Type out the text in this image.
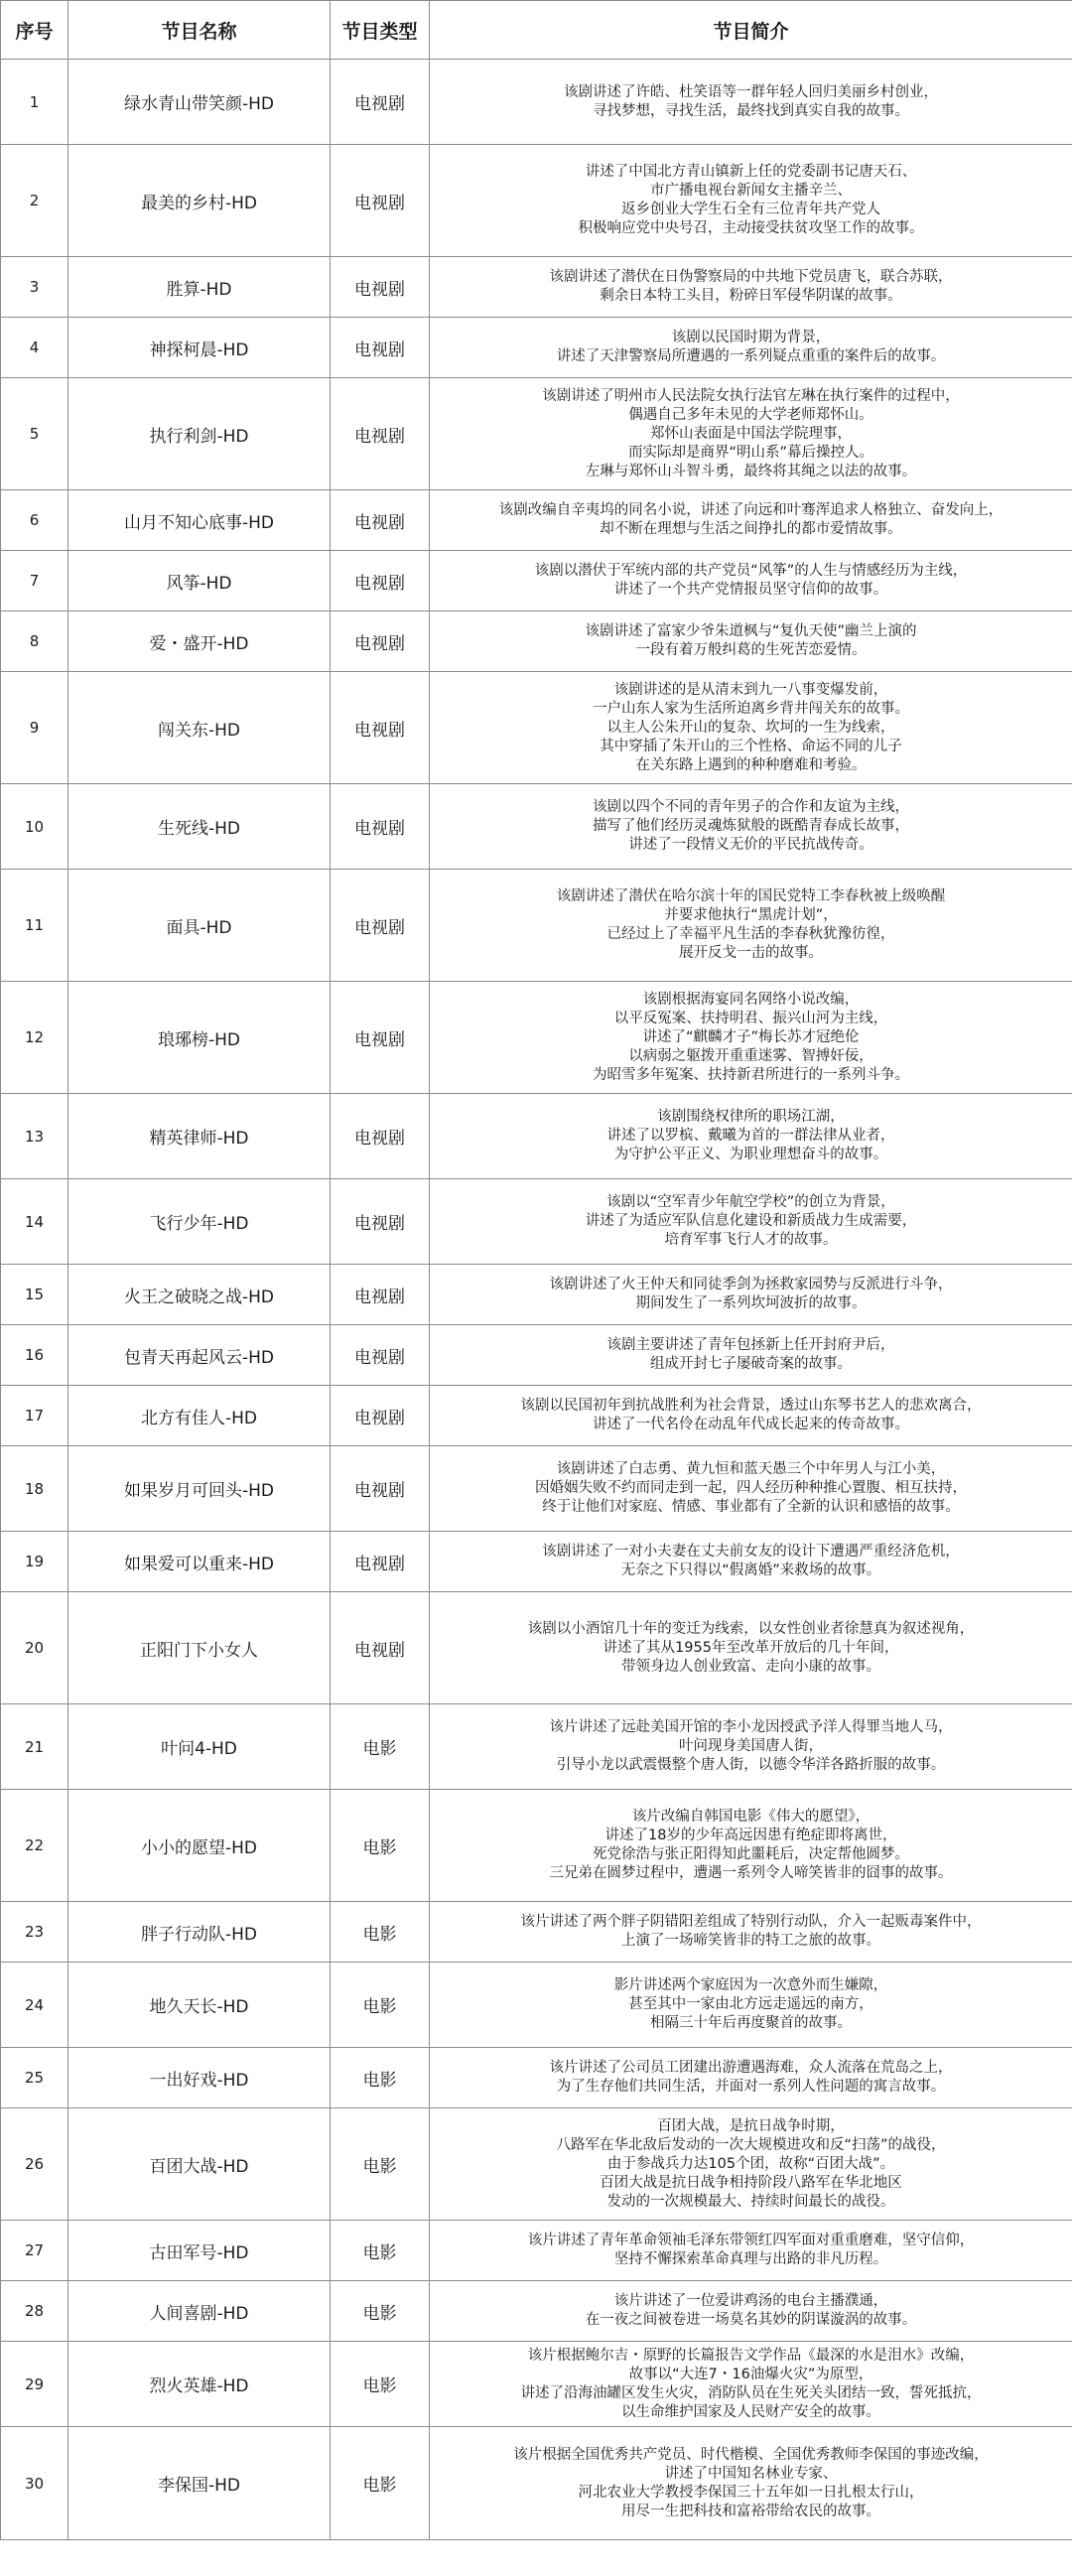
序号	节目名称	节目类型	节目简介
1	绿水青山带笑颜-HD	电视剧	该剧讲述了许皓、杜笑语等一群年轻人回归美丽乡村创业，
寻找梦想，寻找生活，最终找到真实自我的故事。
2	最美的乡村-HD	电视剧	讲述了中国北方青山镇新上任的党委副书记唐天石、
市广播电视台新闻女主播辛兰、
返乡创业大学生石全有三位青年共产党人
积极响应党中央号召，主动接受扶贫攻坚工作的故事。
3	胜算-HD	电视剧	该剧讲述了潜伏在日伪警察局的中共地下党员唐飞，联合苏联，
剩余日本特工头目，粉碎日军侵华阴谋的故事。
4	神探柯晨-HD	电视剧	该剧以民国时期为背景，
讲述了天津警察局所遭遇的一系列疑点重重的案件后的故事。
5	执行利剑-HD	电视剧	该剧讲述了明州市人民法院女执行法官左琳在执行案件的过程中，
偶遇自己多年未见的大学老师郑怀山。
郑怀山表面是中国法学院理事，
而实际却是商界“明山系”幕后操控人。
左琳与郑怀山斗智斗勇，最终将其绳之以法的故事。
6	山月不知心底事-HD	电视剧	该剧改编自辛夷坞的同名小说，讲述了向远和叶骞浑追求人格独立、奋发向上，
却不断在理想与生活之间挣扎的都市爱情故事。
7	风筝-HD	电视剧	该剧以潜伏于军统内部的共产党员“风筝”的人生与情感经历为主线，
讲述了一个共产党情报员坚守信仰的故事。
8	爱・盛开-HD	电视剧	该剧讲述了富家少爷朱道枫与“复仇天使”幽兰上演的
一段有着万般纠葛的生死苦恋爱情。
9	闯关东-HD	电视剧	该剧讲述的是从清末到九一八事变爆发前，
一户山东人家为生活所迫离乡背井闯关东的故事。
以主人公朱开山的复杂、坎坷的一生为线索，
其中穿插了朱开山的三个性格、命运不同的儿子
在关东路上遇到的种种磨难和考验。
10	生死线-HD	电视剧	该剧以四个不同的青年男子的合作和友谊为主线，
描写了他们经历灵魂炼狱般的既酷青春成长故事，
讲述了一段情义无价的平民抗战传奇。
11	面具-HD	电视剧	该剧讲述了潜伏在哈尔滨十年的国民党特工李春秋被上级唤醒
并要求他执行“黑虎计划”，
已经过上了幸福平凡生活的李春秋犹豫彷徨，
展开反戈一击的故事。
12	琅琊榜-HD	电视剧	该剧根据海宴同名网络小说改编，
以平反冤案、扶持明君、振兴山河为主线，
讲述了“麒麟才子”梅长苏才冠绝伦
以病弱之躯拨开重重迷雾、智搏奸佞，
为昭雪多年冤案、扶持新君所进行的一系列斗争。
13	精英律师-HD	电视剧	该剧围绕权律所的职场江湖，
讲述了以罗槟、戴曦为首的一群法律从业者，
为守护公平正义、为职业理想奋斗的故事。
14	飞行少年-HD	电视剧	该剧以“空军青少年航空学校”的创立为背景，
讲述了为适应军队信息化建设和新质战力生成需要，
培育军事飞行人才的故事。
15	火王之破晓之战-HD	电视剧	该剧讲述了火王仲天和同徒季剑为拯救家园势与反派进行斗争，
期间发生了一系列坎坷波折的故事。
16	包青天再起风云-HD	电视剧	该剧主要讲述了青年包拯新上任开封府尹后，
组成开封七子屡破奇案的故事。
17	北方有佳人-HD	电视剧	该剧以民国初年到抗战胜利为社会背景，透过山东琴书艺人的悲欢离合，
讲述了一代名伶在动乱年代成长起来的传奇故事。
18	如果岁月可回头-HD	电视剧	该剧讲述了白志勇、黄九恒和蓝天愚三个中年男人与江小美，
因婚姻失败不约而同走到一起，四人经历种种推心置腹、相互扶持，
终于让他们对家庭、情感、事业都有了全新的认识和感悟的故事。
19	如果爱可以重来-HD	电视剧	该剧讲述了一对小夫妻在丈夫前女友的设计下遭遇严重经济危机，
无奈之下只得以“假离婚”来救场的故事。
20	正阳门下小女人	电视剧	该剧以小酒馆几十年的变迁为线索，以女性创业者徐慧真为叙述视角，
讲述了其从1955年至改革开放后的几十年间，
带领身边人创业致富、走向小康的故事。
21	叶问4-HD	电影	该片讲述了远赴美国开馆的李小龙因授武予洋人得罪当地人马，
叶问现身美国唐人街，
引导小龙以武震慑整个唐人街，以德令华洋各路折服的故事。
22	小小的愿望-HD	电影	该片改编自韩国电影《伟大的愿望》，
讲述了18岁的少年高远因患有绝症即将离世，
死党徐浩与张正阳得知此噩耗后，决定帮他圆梦。
三兄弟在圆梦过程中，遭遇一系列令人啼笑皆非的囧事的故事。
23	胖子行动队-HD	电影	该片讲述了两个胖子阴错阳差组成了特别行动队，介入一起贩毒案件中，
上演了一场啼笑皆非的特工之旅的故事。
24	地久天长-HD	电影	影片讲述两个家庭因为一次意外而生嫌隙，
甚至其中一家由北方远走遥远的南方，
相隔三十年后再度聚首的故事。
25	一出好戏-HD	电影	该片讲述了公司员工团建出游遭遇海难，众人流落在荒岛之上，
为了生存他们共同生活，并面对一系列人性问题的寓言故事。
26	百团大战-HD	电影	百团大战，是抗日战争时期，
八路军在华北敌后发动的一次大规模进攻和反“扫荡”的战役，
由于参战兵力达105个团，故称“百团大战”。
百团大战是抗日战争相持阶段八路军在华北地区
发动的一次规模最大、持续时间最长的战役。
27	古田军号-HD	电影	该片讲述了青年革命领袖毛泽东带领红四军面对重重磨难，坚守信仰，
坚持不懈探索革命真理与出路的非凡历程。
28	人间喜剧-HD	电影	该片讲述了一位爱讲鸡汤的电台主播濮通，
在一夜之间被卷进一场莫名其妙的阴谋漩涡的故事。
29	烈火英雄-HD	电影	该片根据鲍尔吉・原野的长篇报告文学作品《最深的水是泪水》改编，
故事以“大连7・16油爆火灾”为原型，
讲述了沿海油罐区发生火灾，消防队员在生死关头团结一致，誓死抵抗，
以生命维护国家及人民财产安全的故事。
30	李保国-HD	电影	该片根据全国优秀共产党员、时代楷模、全国优秀教师李保国的事迹改编，
讲述了中国知名林业专家、
河北农业大学教授李保国三十五年如一日扎根太行山，
用尽一生把科技和富裕带给农民的故事。
